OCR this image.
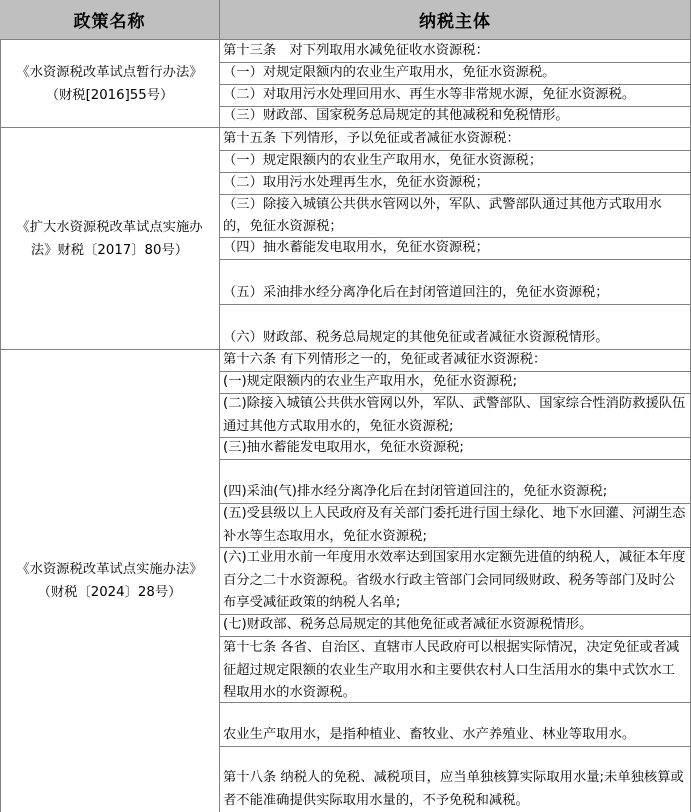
政策名称	纳税主体
《水资源税改革试点暂行办法》
（财税[2016]55号）
第十三条　对下列取用水减免征收水资源税：
（一）对规定限额内的农业生产取用水，免征水资源税。
（二）对取用污水处理回用水、再生水等非常规水源，免征水资源税。
（三）财政部、国家税务总局规定的其他减税和免税情形。
《扩大水资源税改革试点实施办
法》财税〔2017〕80号）
第十五条 下列情形，予以免征或者减征水资源税：
（一）规定限额内的农业生产取用水，免征水资源税；
（二）取用污水处理再生水，免征水资源税；
（三）除接入城镇公共供水管网以外，军队、武警部队通过其他方式取用水的，免征水资源税；
（四）抽水蓄能发电取用水，免征水资源税；
（五）采油排水经分离净化后在封闭管道回注的，免征水资源税；
（六）财政部、税务总局规定的其他免征或者减征水资源税情形。
《水资源税改革试点实施办法》
（财税〔2024〕28号）
第十六条 有下列情形之一的，免征或者减征水资源税：
(一)规定限额内的农业生产取用水，免征水资源税;
(二)除接入城镇公共供水管网以外，军队、武警部队、国家综合性消防救援队伍通过其他方式取用水的，免征水资源税;
(三)抽水蓄能发电取用水，免征水资源税;
(四)采油(气)排水经分离净化后在封闭管道回注的，免征水资源税;
(五)受县级以上人民政府及有关部门委托进行国土绿化、地下水回灌、河湖生态补水等生态取用水，免征水资源税;
(六)工业用水前一年度用水效率达到国家用水定额先进值的纳税人，减征本年度百分之二十水资源税。省级水行政主管部门会同同级财政、税务等部门及时公布享受减征政策的纳税人名单;
(七)财政部、税务总局规定的其他免征或者减征水资源税情形。
第十七条 各省、自治区、直辖市人民政府可以根据实际情况，决定免征或者减征超过规定限额的农业生产取用水和主要供农村人口生活用水的集中式饮水工程取用水的水资源税。
农业生产取用水，是指种植业、畜牧业、水产养殖业、林业等取用水。
第十八条 纳税人的免税、减税项目，应当单独核算实际取用水量;未单独核算或者不能准确提供实际取用水量的，不予免税和减税。
